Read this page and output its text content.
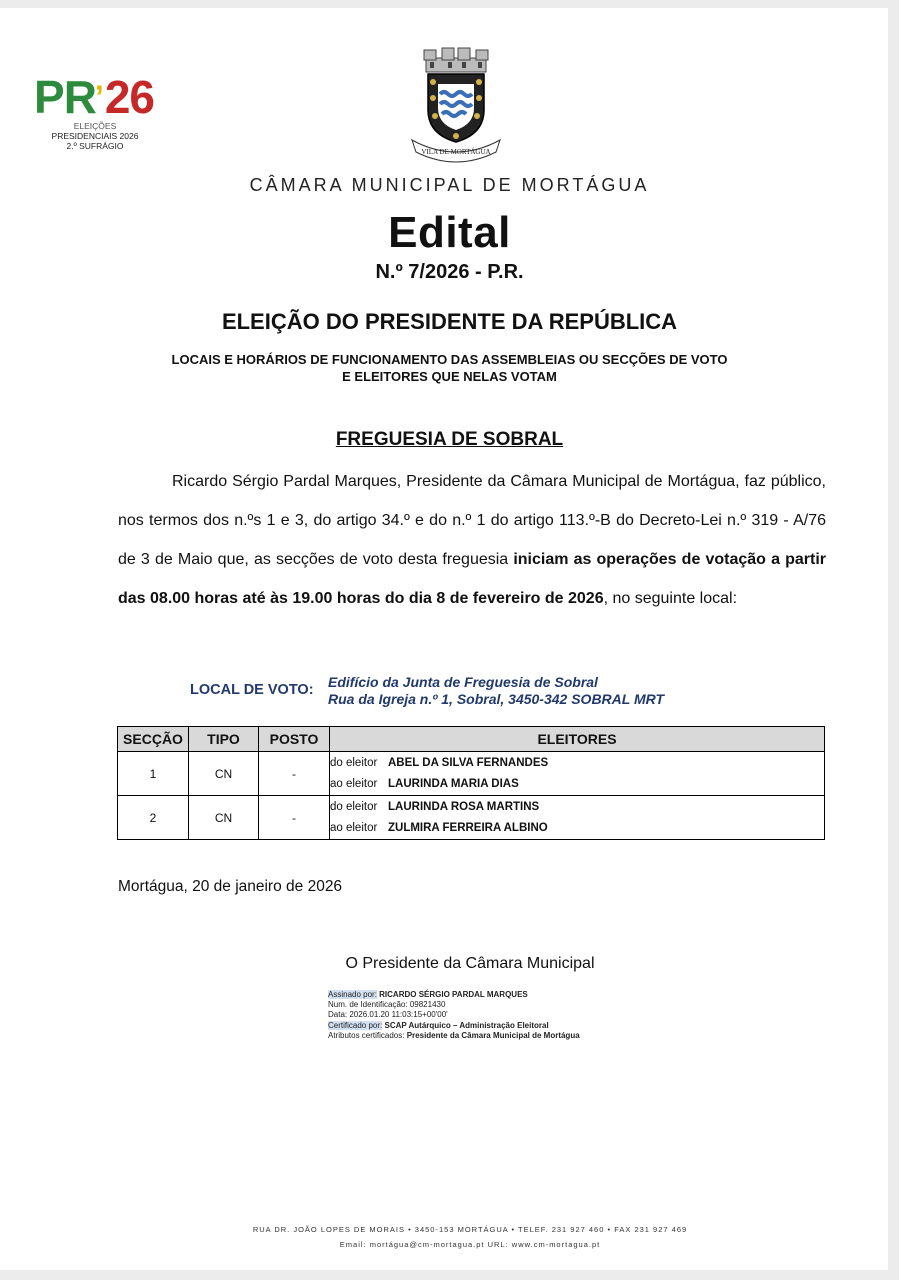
PR’26
ELEIÇÕES
PRESIDENCIAIS 2026
2.º SUFRÁGIO
VILA DE MORTÁGUA
CÂMARA MUNICIPAL DE MORTÁGUA
Edital
N.º 7/2026 - P.R.
ELEIÇÃO DO PRESIDENTE DA REPÚBLICA
LOCAIS E HORÁRIOS DE FUNCIONAMENTO DAS ASSEMBLEIAS OU SECÇÕES DE VOTO
E ELEITORES QUE NELAS VOTAM
FREGUESIA DE SOBRAL

Ricardo Sérgio Pardal Marques, Presidente da Câmara Municipal de Mortágua, faz público, nos termos dos n.ºs 1 e 3, do artigo 34.º e do n.º 1 do artigo 113.º-B do Decreto-Lei n.º 319 - A/76 de 3 de Maio que, as secções de voto desta freguesia iniciam as operações de votação a partir das 08.00 horas até às 19.00 horas do dia 8 de fevereiro de 2026, no seguinte local:

LOCAL DE VOTO: Edifício da Junta de Freguesia de Sobral
Rua da Igreja n.º 1, Sobral, 3450-342 SOBRAL MRT
SECÇÃO	TIPO	POSTO	ELEITORES
1	CN	-	do eleitor ABEL DA SILVA FERNANDES
ao eleitor LAURINDA MARIA DIAS

2	CN	-	do eleitor LAURINDA ROSA MARTINS
ao eleitor ZULMIRA FERREIRA ALBINO
Mortágua, 20 de janeiro de 2026
O Presidente da Câmara Municipal
Assinado por: RICARDO SÉRGIO PARDAL MARQUES
Num. de Identificação: 09821430
Data: 2026.01.20 11:03:15+00'00'
Certificado por: SCAP Autárquico – Administração Eleitoral
Atributos certificados: Presidente da Câmara Municipal de Mortágua
RUA DR. JOÃO LOPES DE MORAIS • 3450-153 MORTÁGUA • TELEF. 231 927 460 • FAX 231 927 469
Email: mortágua@cm-mortagua.pt URL: www.cm-mortagua.pt
